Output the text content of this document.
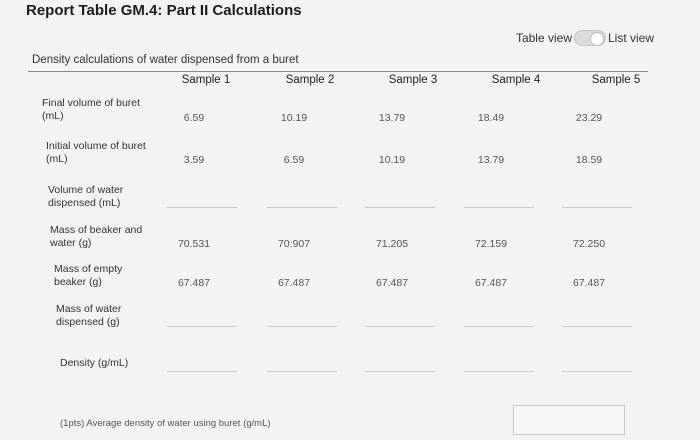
Report Table GM.4: Part II Calculations
Table view	List view
Density calculations of water dispensed from a buret
Sample 1	Sample 2	Sample 3	Sample 4	Sample 5
Final volume of buret (mL)	6.59	10.19	13.79	18.49	23.29
Initial volume of buret (mL)	3.59	6.59	10.19	13.79	18.59
Volume of water dispensed (mL)
Mass of beaker and water (g)	70.531	70.907	71.205	72.159	72.250
Mass of empty beaker (g)	67.487	67.487	67.487	67.487	67.487
Mass of water dispensed (g)
Density (g/mL)
(1pts) Average density of water using buret (g/mL)
